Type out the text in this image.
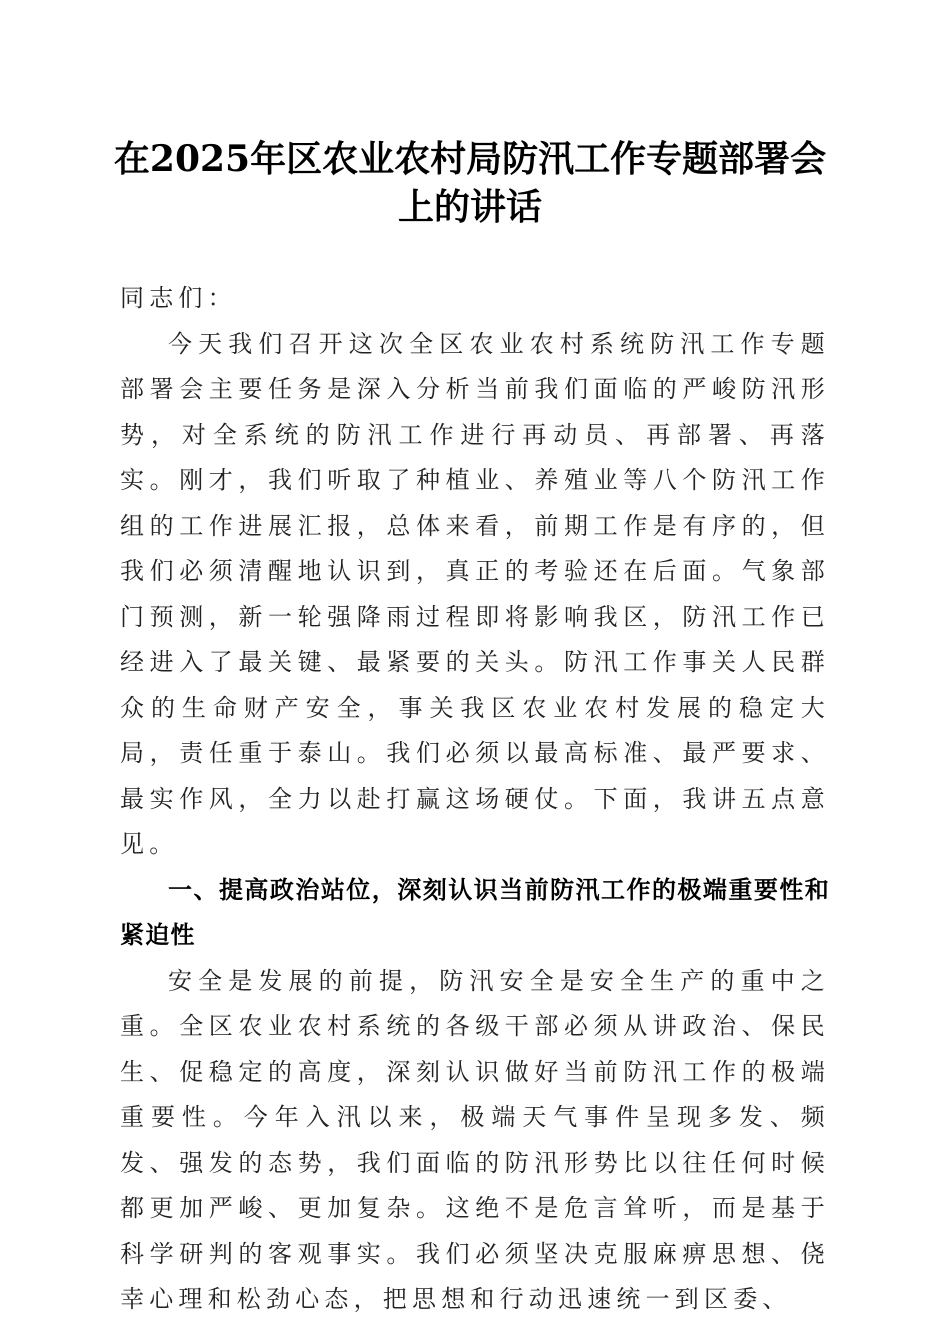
在2025年区农业农村局防汛工作专题部署会上的讲话

同志们：

今天我们召开这次全区农业农村系统防汛工作专题部署会主要任务是深入分析当前我们面临的严峻防汛形势，对全系统的防汛工作进行再动员、再部署、再落实。刚才，我们听取了种植业、养殖业等八个防汛工作组的工作进展汇报，总体来看，前期工作是有序的，但我们必须清醒地认识到，真正的考验还在后面。气象部门预测，新一轮强降雨过程即将影响我区，防汛工作已经进入了最关键、最紧要的关头。防汛工作事关人民群众的生命财产安全，事关我区农业农村发展的稳定大局，责任重于泰山。我们必须以最高标准、最严要求、最实作风，全力以赴打赢这场硬仗。下面，我讲五点意见。

一、提高政治站位，深刻认识当前防汛工作的极端重要性和紧迫性

安全是发展的前提，防汛安全是安全生产的重中之重。全区农业农村系统的各级干部必须从讲政治、保民生、促稳定的高度，深刻认识做好当前防汛工作的极端重要性。今年入汛以来，极端天气事件呈现多发、频发、强发的态势，我们面临的防汛形势比以往任何时候都更加严峻、更加复杂。这绝不是危言耸听，而是基于科学研判的客观事实。我们必须坚决克服麻痹思想、侥幸心理和松劲心态，把思想和行动迅速统一到区委、
